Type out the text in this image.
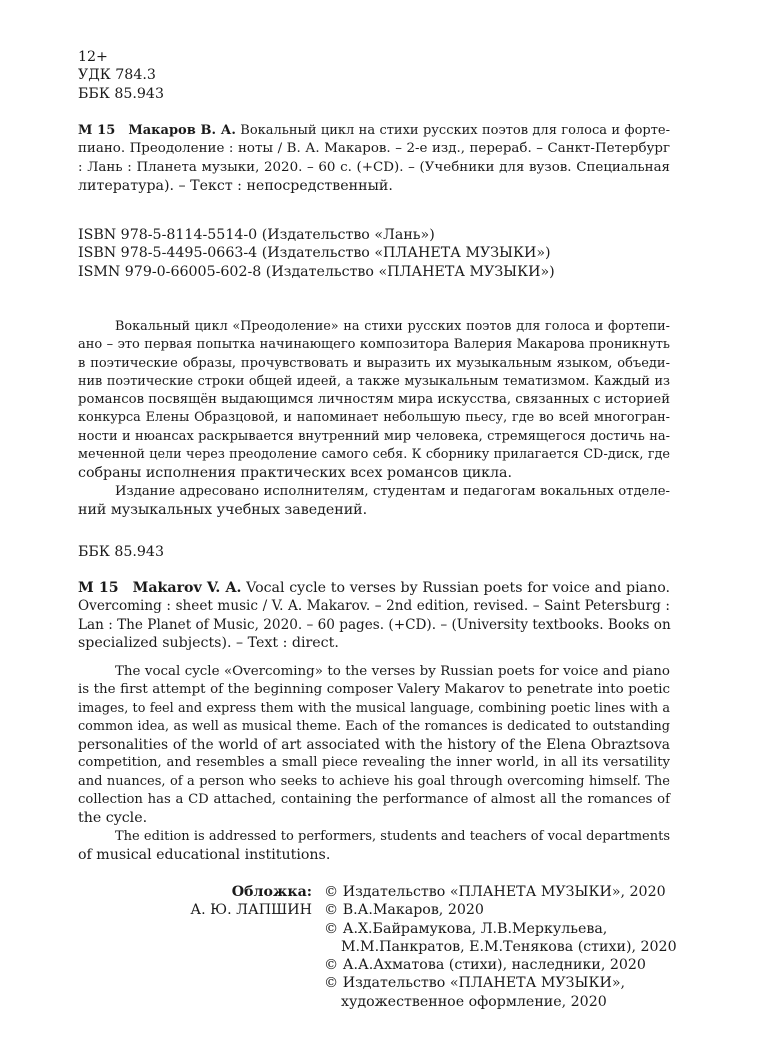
12+
УДК 784.3
ББК 85.943
М 15 Макаров В. А. Вокальный цикл на стихи русских поэтов для голоса и форте-
пиано. Преодоление : ноты / В. А. Макаров. – 2-е изд., перераб. – Санкт-Петербург
: Лань : Планета музыки, 2020. – 60 с. (+CD). – (Учебники для вузов. Специальная
литература). – Текст : непосредственный.
ISBN 978-5-8114-5514-0 (Издательство «Лань»)
ISBN 978-5-4495-0663-4 (Издательство «ПЛАНЕТА МУЗЫКИ»)
ISMN 979-0-66005-602-8 (Издательство «ПЛАНЕТА МУЗЫКИ»)
Вокальный цикл «Преодоление» на стихи русских поэтов для голоса и фортепи-
ано – это первая попытка начинающего композитора Валерия Макарова проникнуть
в поэтические образы, прочувствовать и выразить их музыкальным языком, объеди-
нив поэтические строки общей идеей, а также музыкальным тематизмом. Каждый из
романсов посвящён выдающимся личностям мира искусства, связанных с историей
конкурса Елены Образцовой, и напоминает небольшую пьесу, где во всей многогран-
ности и нюансах раскрывается внутренний мир человека, стремящегося достичь на-
меченной цели через преодоление самого себя. К сборнику прилагается CD-диск, где
собраны исполнения практических всех романсов цикла.
Издание адресовано исполнителям, студентам и педагогам вокальных отделе-
ний музыкальных учебных заведений.
ББК 85.943
M 15 Makarov V. A. Vocal cycle to verses by Russian poets for voice and piano.
Overcoming : sheet music / V. A. Makarov. – 2nd edition, revised. – Saint Petersburg :
Lan : The Planet of Music, 2020. – 60 pages. (+CD). – (University textbooks. Books on
specialized subjects). – Text : direct.
The vocal cycle «Overcoming» to the verses by Russian poets for voice and piano
is the first attempt of the beginning composer Valery Makarov to penetrate into poetic
images, to feel and express them with the musical language, combining poetic lines with a
common idea, as well as musical theme. Each of the romances is dedicated to outstanding
personalities of the world of art associated with the history of the Elena Obraztsova
competition, and resembles a small piece revealing the inner world, in all its versatility
and nuances, of a person who seeks to achieve his goal through overcoming himself. The
collection has a CD attached, containing the performance of almost all the romances of
the cycle.
The edition is addressed to performers, students and teachers of vocal departments
of musical educational institutions.
Обложка: © Издательство «ПЛАНЕТА МУЗЫКИ», 2020
А. Ю. ЛАПШИН © В.А.Макаров, 2020
© А.Х.Байрамукова, Л.В.Меркульева,
М.М.Панкратов, Е.М.Тенякова (стихи), 2020
© А.А.Ахматова (стихи), наследники, 2020
© Издательство «ПЛАНЕТА МУЗЫКИ»,
художественное оформление, 2020
